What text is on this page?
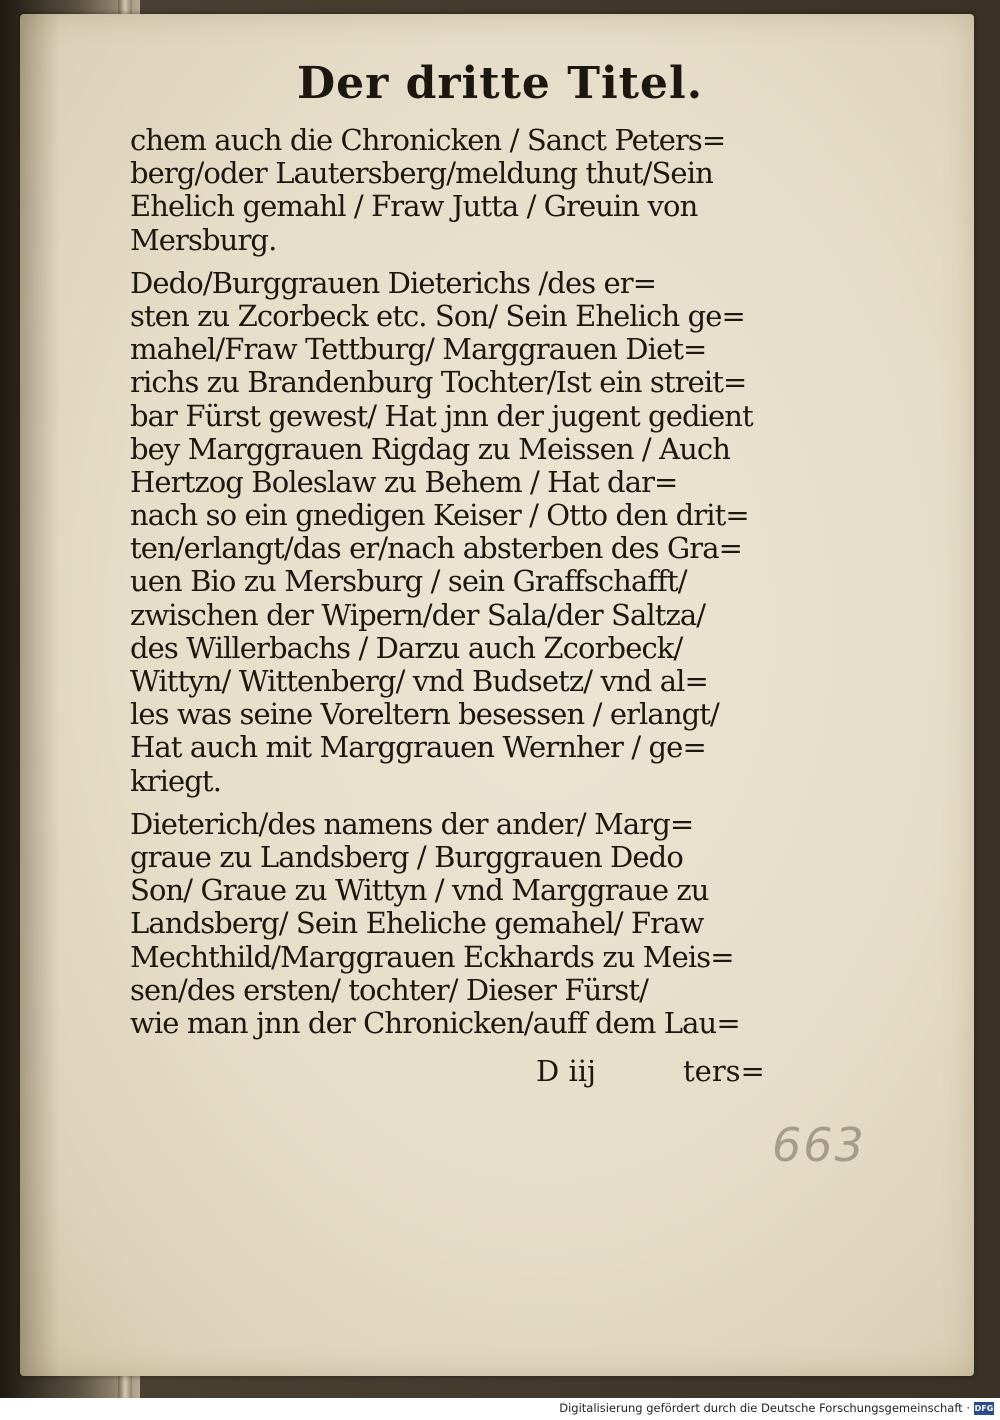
Der dritte Titel.
chem auch die Chronicken / Sanct Peters=
berg/oder Lautersberg/meldung thut/Sein
Ehelich gemahl / Fraw Jutta / Greuin von
Mersburg.
Dedo/Burggrauen Dieterichs /des er=
sten zu Zcorbeck etc. Son/ Sein Ehelich ge=
mahel/Fraw Tettburg/ Marggrauen Diet=
richs zu Brandenburg Tochter/Ist ein streit=
bar Fürst gewest/ Hat jnn der jugent gedient
bey Marggrauen Rigdag zu Meissen / Auch
Hertzog Boleslaw zu Behem / Hat dar=
nach so ein gnedigen Keiser / Otto den drit=
ten/erlangt/das er/nach absterben des Gra=
uen Bio zu Mersburg / sein Graffschafft/
zwischen der Wipern/der Sala/der Saltza/
des Willerbachs / Darzu auch Zcorbeck/
Wittyn/ Wittenberg/ vnd Budsetz/ vnd al=
les was seine Voreltern besessen / erlangt/
Hat auch mit Marggrauen Wernher / ge=
kriegt.
Dieterich/des namens der ander/ Marg=
graue zu Landsberg / Burggrauen Dedo
Son/ Graue zu Wittyn / vnd Marggraue zu
Landsberg/ Sein Eheliche gemahel/ Fraw
Mechthild/Marggrauen Eckhards zu Meis=
sen/des ersten/ tochter/ Dieser Fürst/
wie man jnn der Chronicken/auff dem Lau=
D iij	ters=
663
Digitalisierung gefördert durch die Deutsche Forschungsgemeinschaft · DFG
